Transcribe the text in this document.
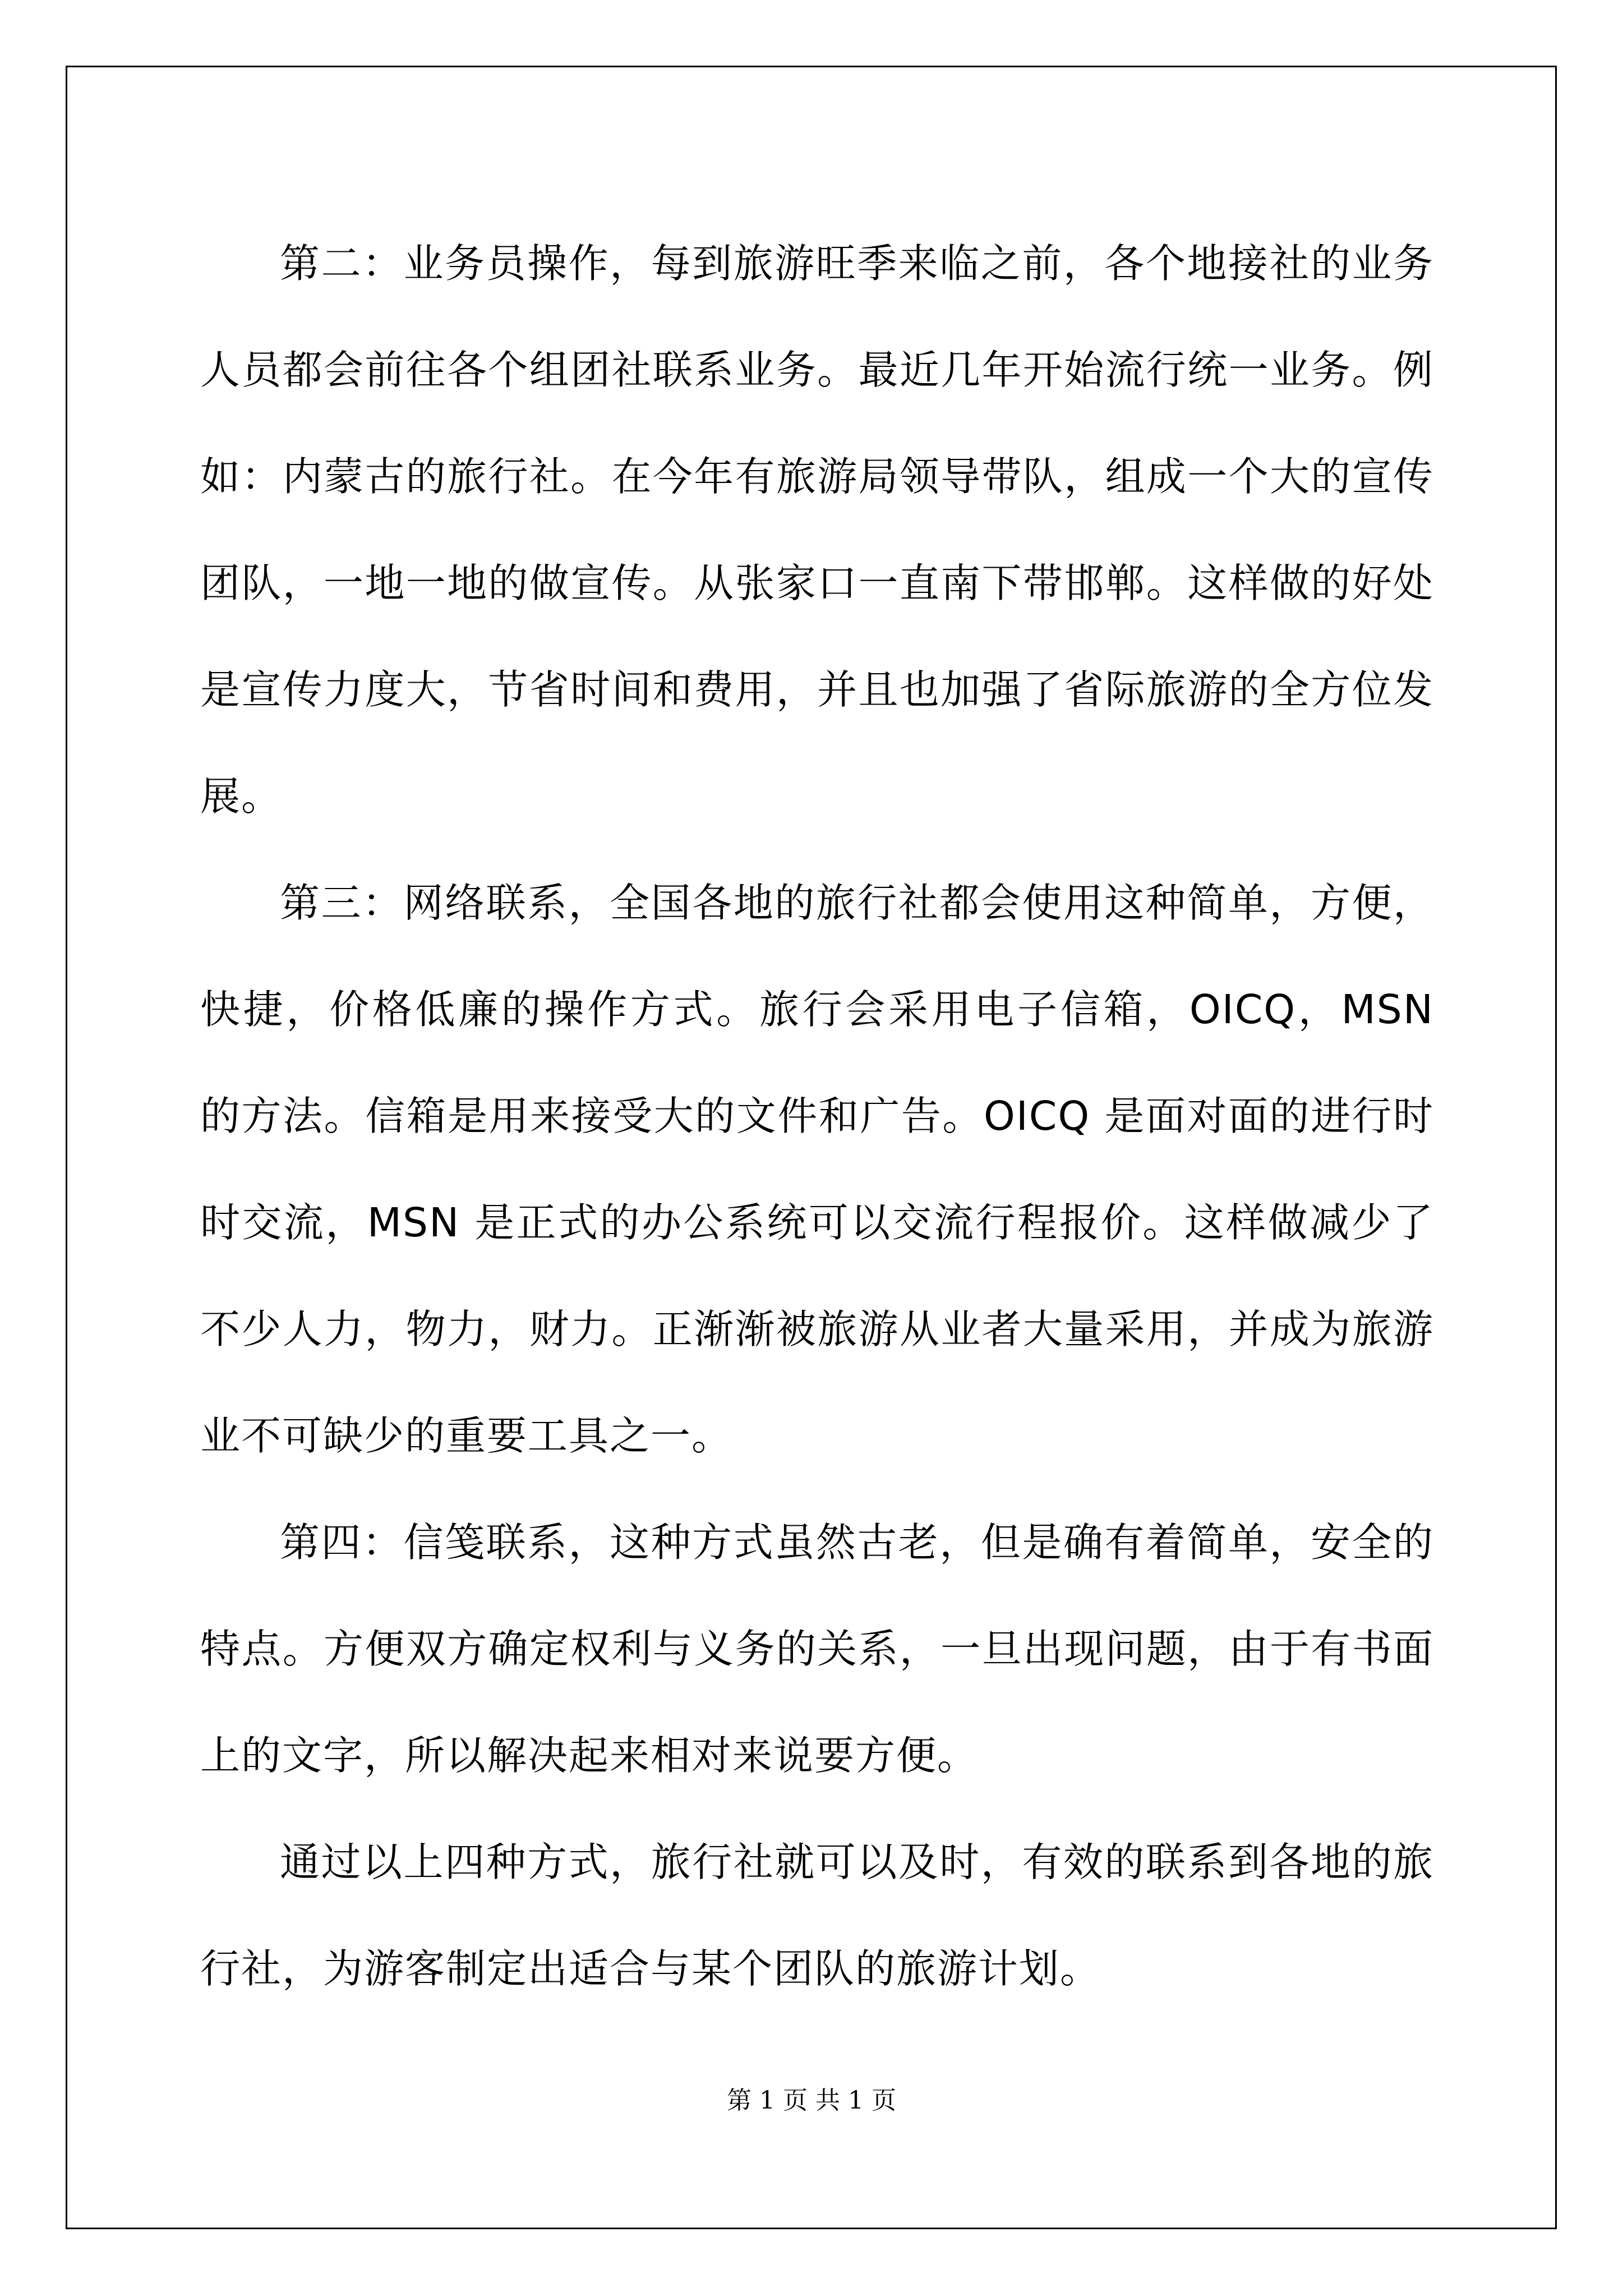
第二：业务员操作，每到旅游旺季来临之前，各个地接社的业务人员都会前往各个组团社联系业务。最近几年开始流行统一业务。例如：内蒙古的旅行社。在今年有旅游局领导带队，组成一个大的宣传团队，一地一地的做宣传。从张家口一直南下带邯郸。这样做的好处是宣传力度大，节省时间和费用，并且也加强了省际旅游的全方位发展。

第三：网络联系，全国各地的旅行社都会使用这种简单，方便，快捷，价格低廉的操作方式。旅行会采用电子信箱，OICQ，MSN 的方法。信箱是用来接受大的文件和广告。OICQ 是面对面的进行时时交流，MSN 是正式的办公系统可以交流行程报价。这样做减少了不少人力，物力，财力。正渐渐被旅游从业者大量采用，并成为旅游业不可缺少的重要工具之一。

第四：信笺联系，这种方式虽然古老，但是确有着简单，安全的特点。方便双方确定权利与义务的关系，一旦出现问题，由于有书面上的文字，所以解决起来相对来说要方便。

通过以上四种方式，旅行社就可以及时，有效的联系到各地的旅行社，为游客制定出适合与某个团队的旅游计划。

第 1 页 共 1 页
